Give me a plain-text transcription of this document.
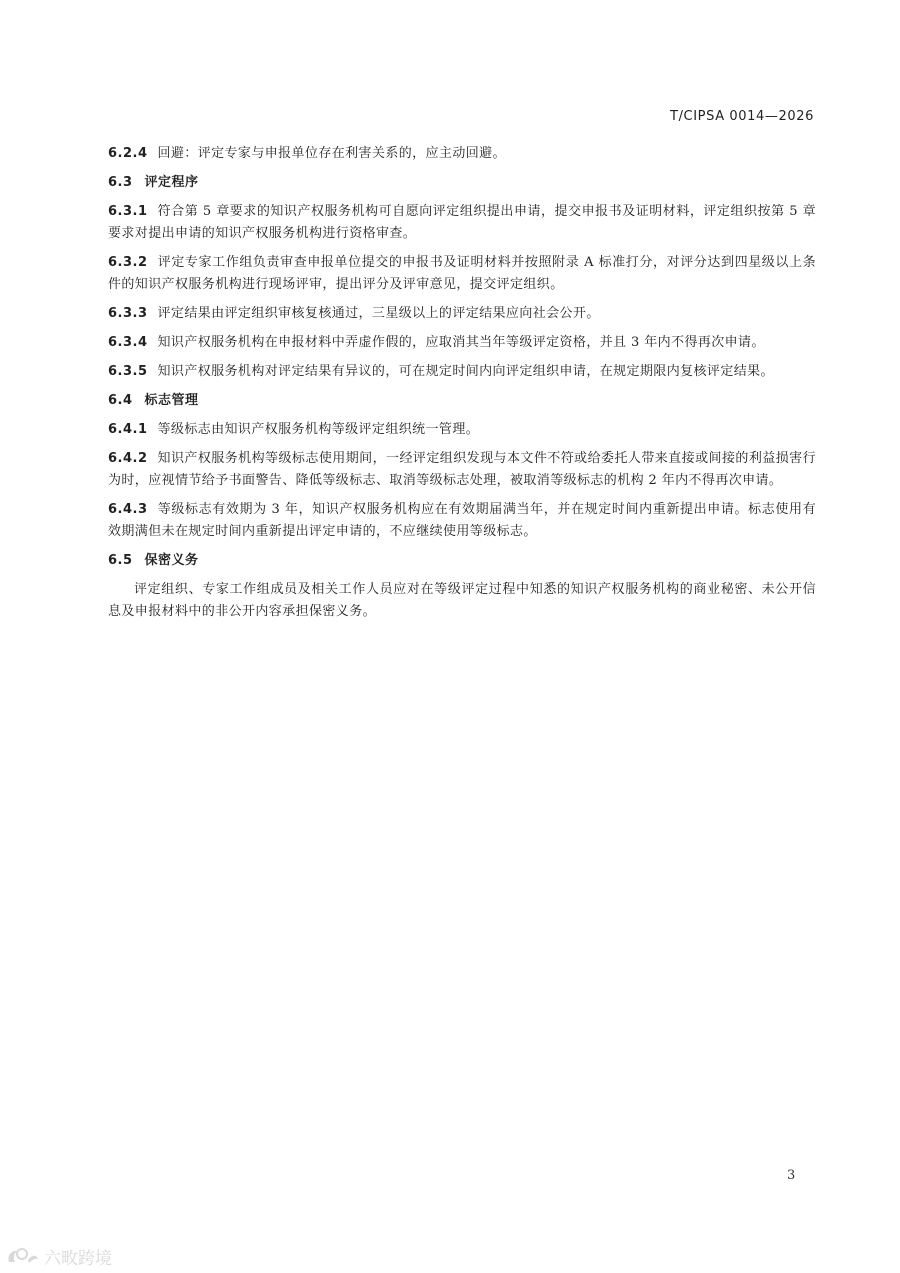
T/CIPSA 0014—2026

6.2.4 回避：评定专家与申报单位存在利害关系的，应主动回避。

6.3 评定程序

6.3.1 符合第 5 章要求的知识产权服务机构可自愿向评定组织提出申请，提交申报书及证明材料，评定组织按第 5 章要求对提出申请的知识产权服务机构进行资格审查。

6.3.2 评定专家工作组负责审查申报单位提交的申报书及证明材料并按照附录 A 标准打分，对评分达到四星级以上条件的知识产权服务机构进行现场评审，提出评分及评审意见，提交评定组织。

6.3.3 评定结果由评定组织审核复核通过，三星级以上的评定结果应向社会公开。

6.3.4 知识产权服务机构在申报材料中弄虚作假的，应取消其当年等级评定资格，并且 3 年内不得再次申请。

6.3.5 知识产权服务机构对评定结果有异议的，可在规定时间内向评定组织申请，在规定期限内复核评定结果。

6.4 标志管理

6.4.1 等级标志由知识产权服务机构等级评定组织统一管理。

6.4.2 知识产权服务机构等级标志使用期间，一经评定组织发现与本文件不符或给委托人带来直接或间接的利益损害行为时，应视情节给予书面警告、降低等级标志、取消等级标志处理，被取消等级标志的机构 2 年内不得再次申请。

6.4.3 等级标志有效期为 3 年，知识产权服务机构应在有效期届满当年，并在规定时间内重新提出申请。标志使用有效期满但未在规定时间内重新提出评定申请的，不应继续使用等级标志。

6.5 保密义务

评定组织、专家工作组成员及相关工作人员应对在等级评定过程中知悉的知识产权服务机构的商业秘密、未公开信息及申报材料中的非公开内容承担保密义务。

3
六畋跨境
